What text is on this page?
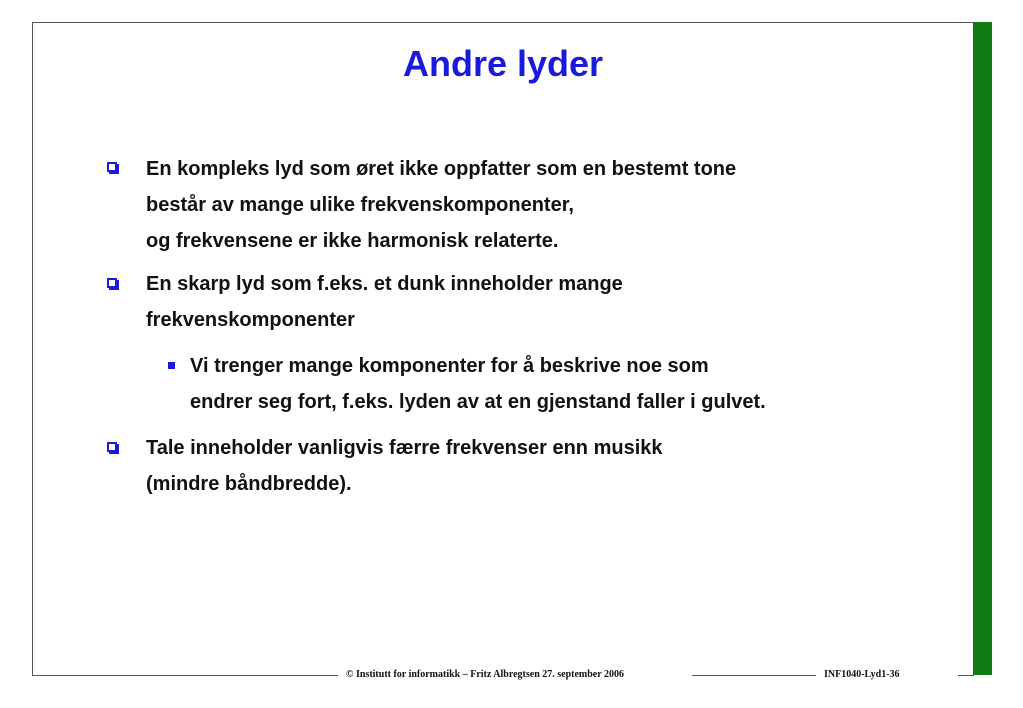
Andre lyder
En kompleks lyd som øret ikke oppfatter som en bestemt tone
består av mange ulike frekvenskomponenter,
og frekvensene er ikke harmonisk relaterte.
En skarp lyd som f.eks. et dunk inneholder mange
frekvenskomponenter
Vi trenger mange komponenter for å beskrive noe som
endrer seg fort, f.eks. lyden av at en gjenstand faller i gulvet.
Tale inneholder vanligvis færre frekvenser enn musikk
(mindre båndbredde).
© Institutt for informatikk – Fritz Albregtsen 27. september 2006	INF1040-Lyd1-36
